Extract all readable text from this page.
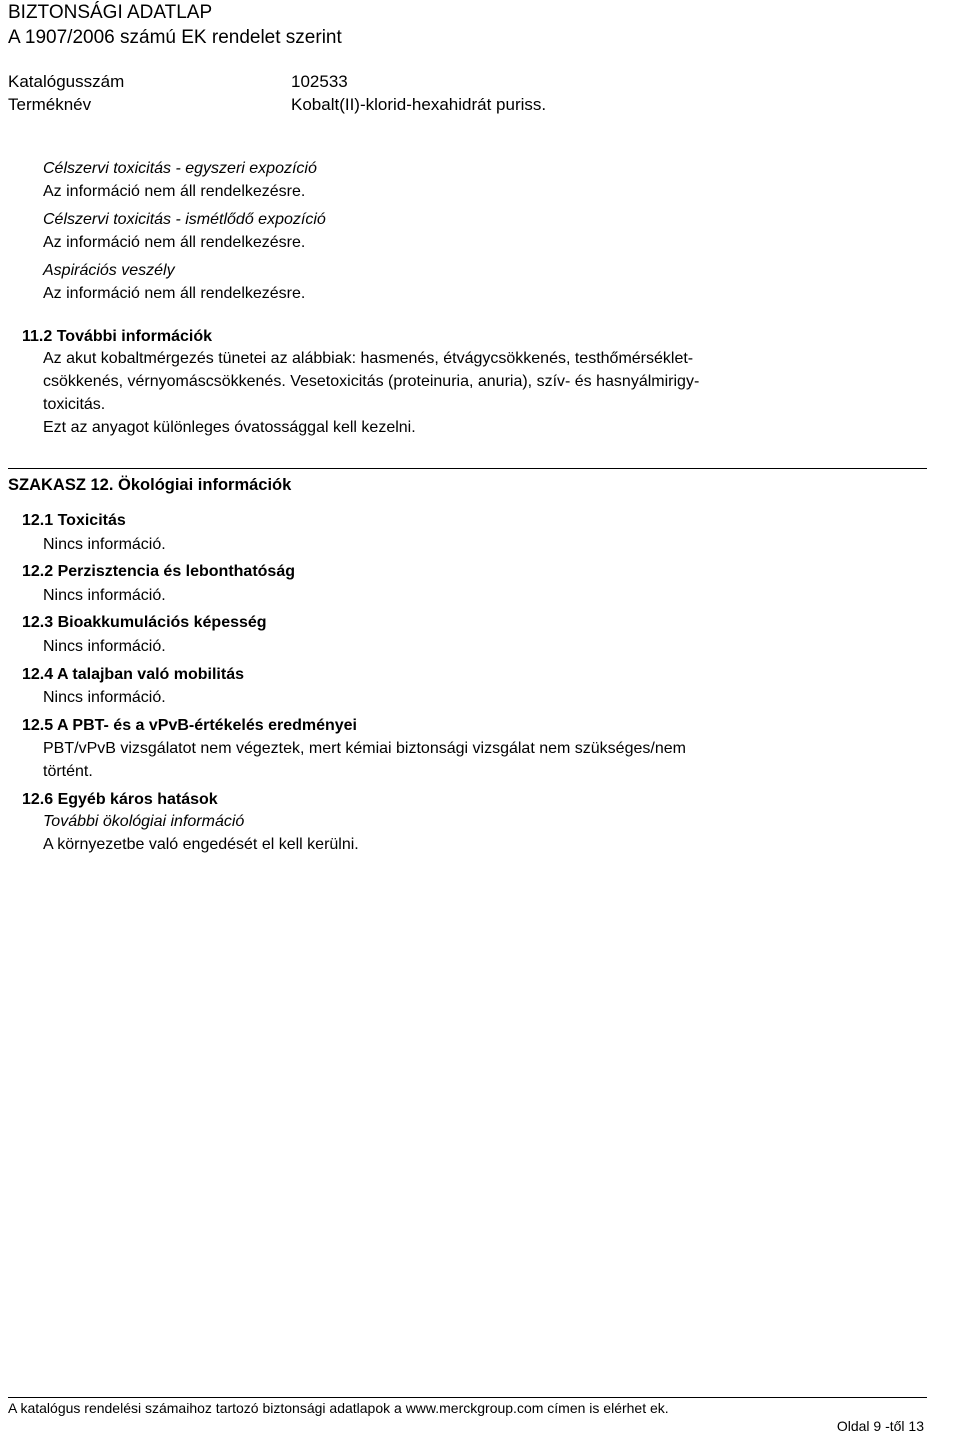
BIZTONSÁGI ADATLAP
A 1907/2006 számú EK rendelet szerint
Katalógusszám	102533
Terméknév	Kobalt(II)-klorid-hexahidrát puriss.
Célszervi toxicitás - egyszeri expozíció
Az információ nem áll rendelkezésre.
Célszervi toxicitás - ismétlődő expozíció
Az információ nem áll rendelkezésre.
Aspirációs veszély
Az információ nem áll rendelkezésre.
11.2 További információk
Az akut kobaltmérgezés tünetei az alábbiak: hasmenés, étvágycsökkenés, testhőmérséklet-
csökkenés, vérnyomáscsökkenés. Vesetoxicitás (proteinuria, anuria), szív- és hasnyálmirigy-
toxicitás.
Ezt az anyagot különleges óvatossággal kell kezelni.
SZAKASZ 12. Ökológiai információk
12.1 Toxicitás
Nincs információ.
12.2 Perzisztencia és lebonthatóság
Nincs információ.
12.3 Bioakkumulációs képesség
Nincs információ.
12.4 A talajban való mobilitás
Nincs információ.
12.5 A PBT- és a vPvB-értékelés eredményei
PBT/vPvB vizsgálatot nem végeztek, mert kémiai biztonsági vizsgálat nem szükséges/nem
történt.
12.6 Egyéb káros hatások
További ökológiai információ
A környezetbe való engedését el kell kerülni.
A katalógus rendelési számaihoz tartozó biztonsági adatlapok a www.merckgroup.com címen is elérhet ek.
Oldal 9 -től 13
